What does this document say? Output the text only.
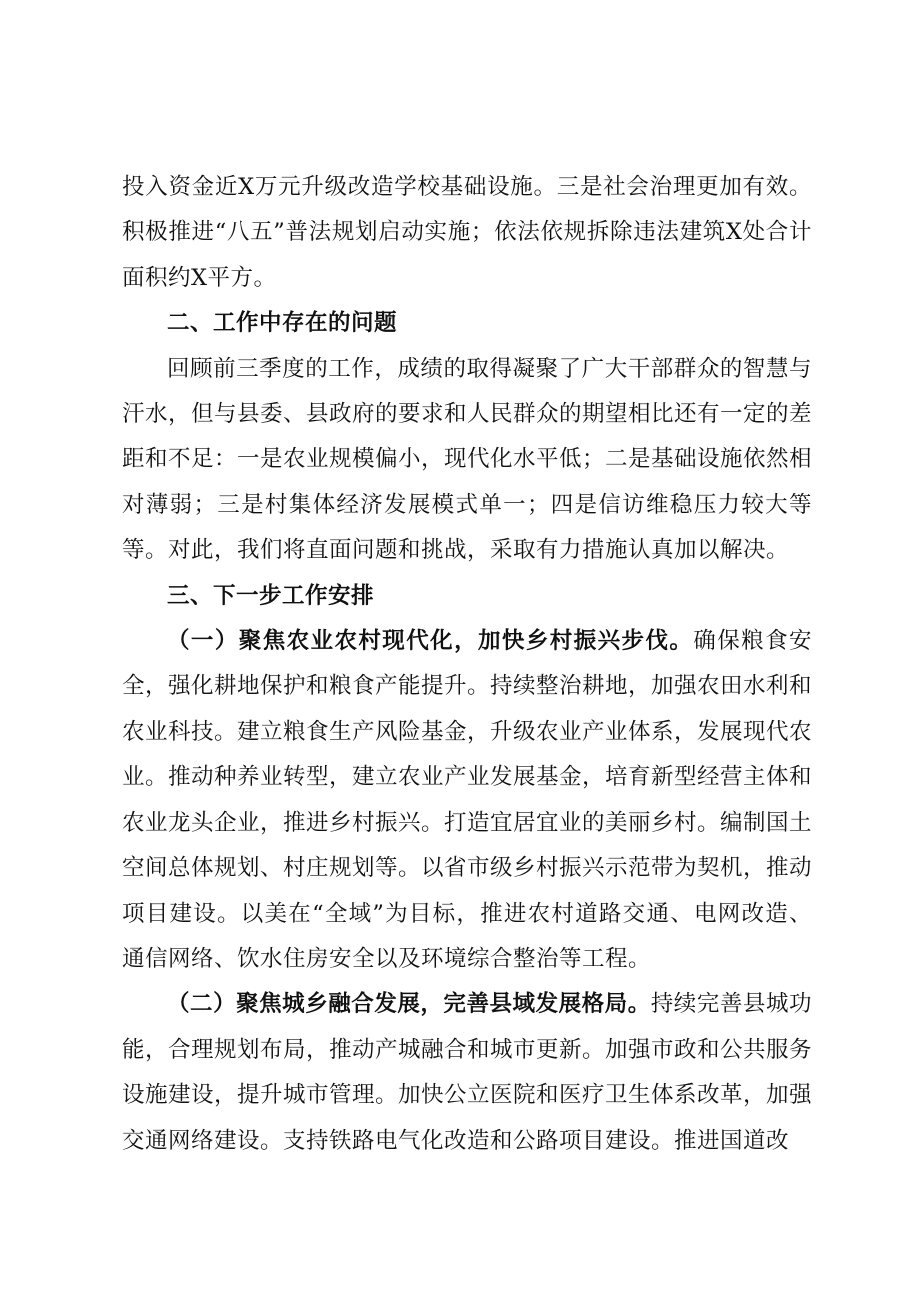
投入资金近X万元升级改造学校基础设施。三是社会治理更加有效。积极推进“八五”普法规划启动实施；依法依规拆除违法建筑X处合计面积约X平方。

二、工作中存在的问题

回顾前三季度的工作，成绩的取得凝聚了广大干部群众的智慧与汗水，但与县委、县政府的要求和人民群众的期望相比还有一定的差距和不足：一是农业规模偏小，现代化水平低；二是基础设施依然相对薄弱；三是村集体经济发展模式单一；四是信访维稳压力较大等等。对此，我们将直面问题和挑战，采取有力措施认真加以解决。

三、下一步工作安排

（一）聚焦农业农村现代化，加快乡村振兴步伐。确保粮食安全，强化耕地保护和粮食产能提升。持续整治耕地，加强农田水利和农业科技。建立粮食生产风险基金，升级农业产业体系，发展现代农业。推动种养业转型，建立农业产业发展基金，培育新型经营主体和农业龙头企业，推进乡村振兴。打造宜居宜业的美丽乡村。编制国土空间总体规划、村庄规划等。以省市级乡村振兴示范带为契机，推动项目建设。以美在“全域”为目标，推进农村道路交通、电网改造、通信网络、饮水住房安全以及环境综合整治等工程。

（二）聚焦城乡融合发展，完善县域发展格局。持续完善县城功能，合理规划布局，推动产城融合和城市更新。加强市政和公共服务设施建设，提升城市管理。加快公立医院和医疗卫生体系改革，加强交通网络建设。支持铁路电气化改造和公路项目建设。推进国道改
